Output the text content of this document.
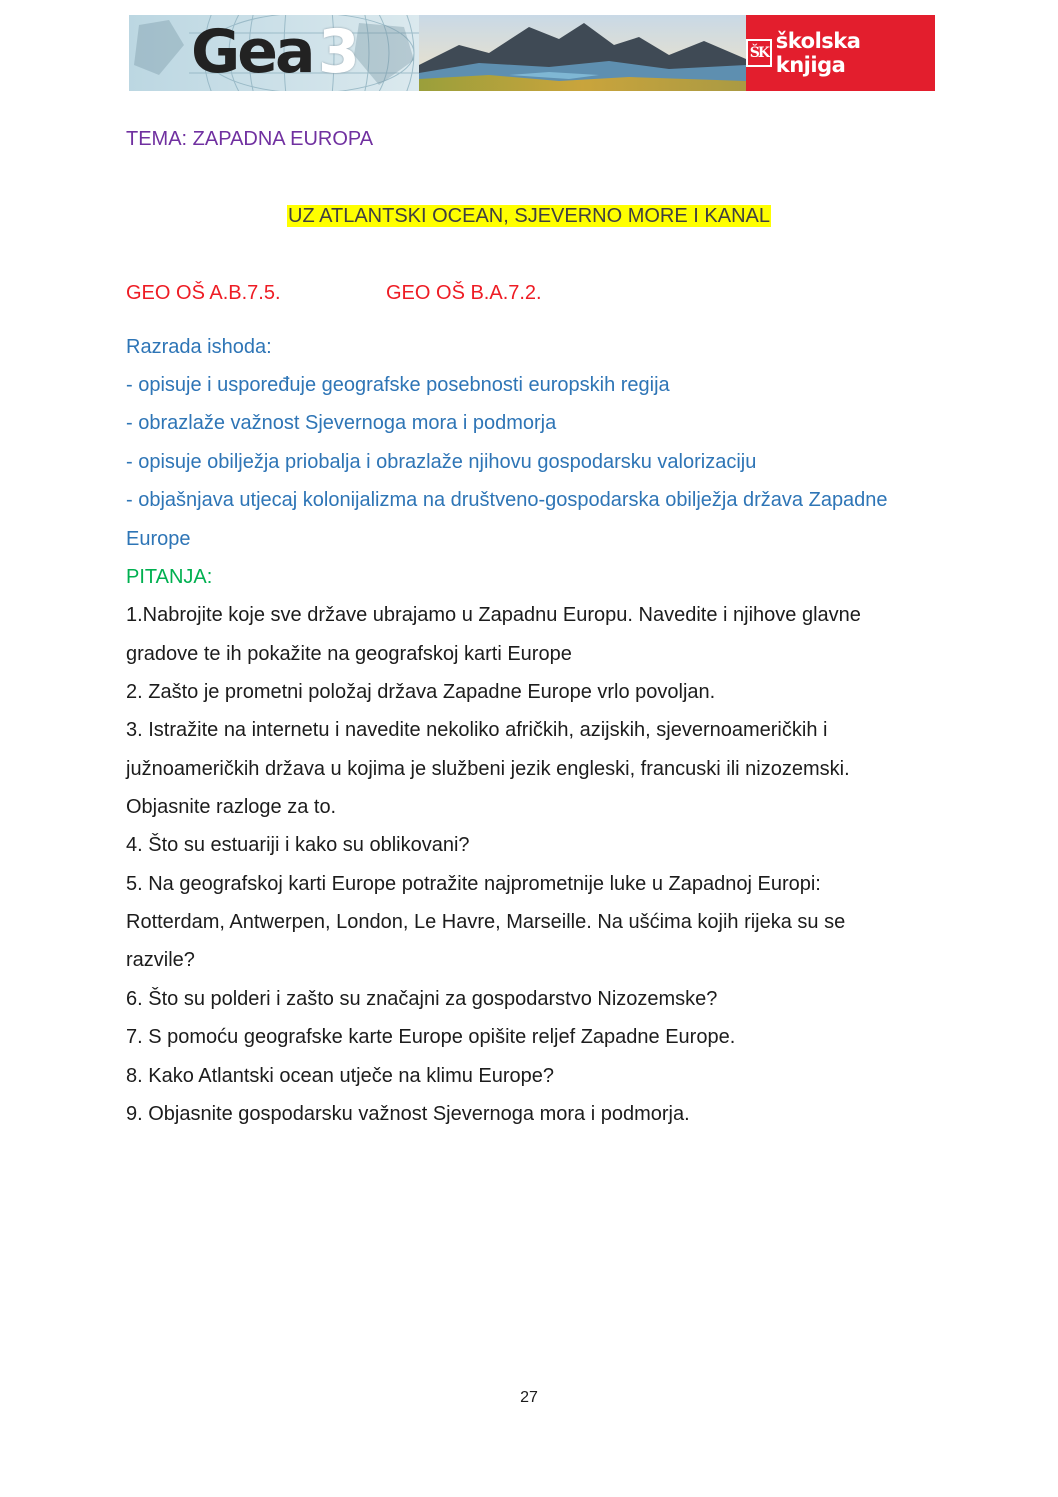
Gea 3	ŠK školska knjiga
TEMA: ZAPADNA EUROPA
UZ ATLANTSKI OCEAN, SJEVERNO MORE I KANAL
GEO OŠ A.B.7.5.	GEO OŠ B.A.7.2.
Razrada ishoda:
- opisuje i uspoređuje geografske posebnosti europskih regija
- obrazlaže važnost Sjevernoga mora i podmorja
- opisuje obilježja priobalja i obrazlaže njihovu gospodarsku valorizaciju
- objašnjava utjecaj kolonijalizma na društveno-gospodarska obilježja država Zapadne
Europe
PITANJA:
1.Nabrojite koje sve države ubrajamo u Zapadnu Europu. Navedite i njihove glavne
gradove te ih pokažite na geografskoj karti Europe
2. Zašto je prometni položaj država Zapadne Europe vrlo povoljan.
3. Istražite na internetu i navedite nekoliko afričkih, azijskih, sjevernoameričkih i
južnoameričkih država u kojima je službeni jezik engleski, francuski ili nizozemski.
Objasnite razloge za to.
4. Što su estuariji i kako su oblikovani?
5. Na geografskoj karti Europe potražite najprometnije luke u Zapadnoj Europi:
Rotterdam, Antwerpen, London, Le Havre, Marseille. Na ušćima kojih rijeka su se
razvile?
6. Što su polderi i zašto su značajni za gospodarstvo Nizozemske?
7. S pomoću geografske karte Europe opišite reljef Zapadne Europe.
8. Kako Atlantski ocean utječe na klimu Europe?
9. Objasnite gospodarsku važnost Sjevernoga mora i podmorja.
27
